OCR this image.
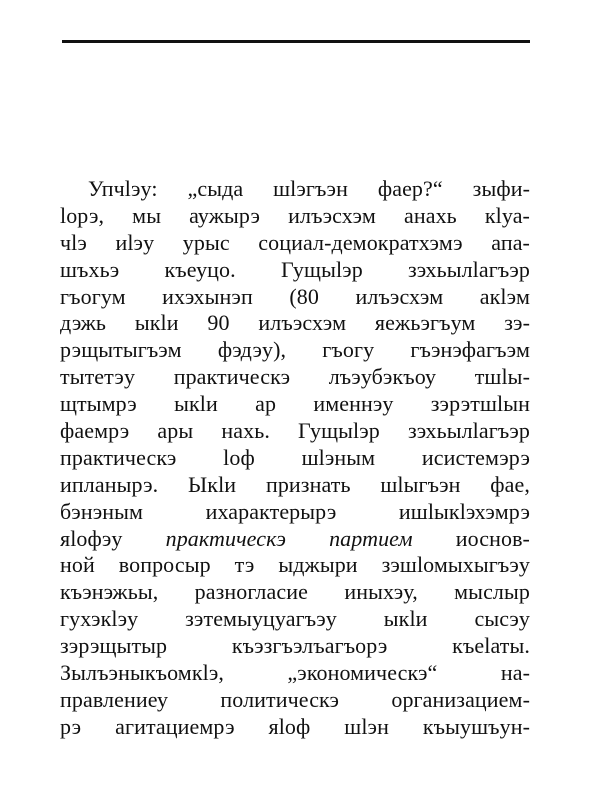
Упчlэу: „сыда шlэгъэн фаер?“ зыфи-
lорэ, мы аужырэ илъэсхэм анахь кlуа-
чlэ иlэу урыс социал-демократхэмэ апа-
шъхьэ къеуцо. Гущыlэр зэхьылlагъэр
гъогум ихэхынэп (80 илъэсхэм акlэм
дэжь ыкlи 90 илъэсхэм яежьэгъум зэ-
рэщытыгъэм фэдэу), гъогу гъэнэфагъэм
тытетэу практическэ лъэубэкъоу тшlы-
щтымрэ ыкlи ар именнэу зэрэтшlын
фаемрэ ары нахь. Гущыlэр зэхьылlагъэр
практическэ lоф шlэным исистемэрэ
ипланырэ. Ыкlи признать шlыгъэн фае,
бэнэным ихарактерырэ ишlыкlэхэмрэ
яlофэу практическэ партием иоснов-
ной вопросыр тэ ыджыри зэшlомыхыгъэу
къэнэжьы, разногласие иныхэу, мыслыр
гухэкlэу зэтемыуцуагъэу ыкlи сысэу
зэрэщытыр къэзгъэлъагъорэ къеlаты.
Зылъэныкъомкlэ, „экономическэ“ на-
правлениеу политическэ организацием-
рэ агитациемрэ яlоф шlэн къыушъун-
